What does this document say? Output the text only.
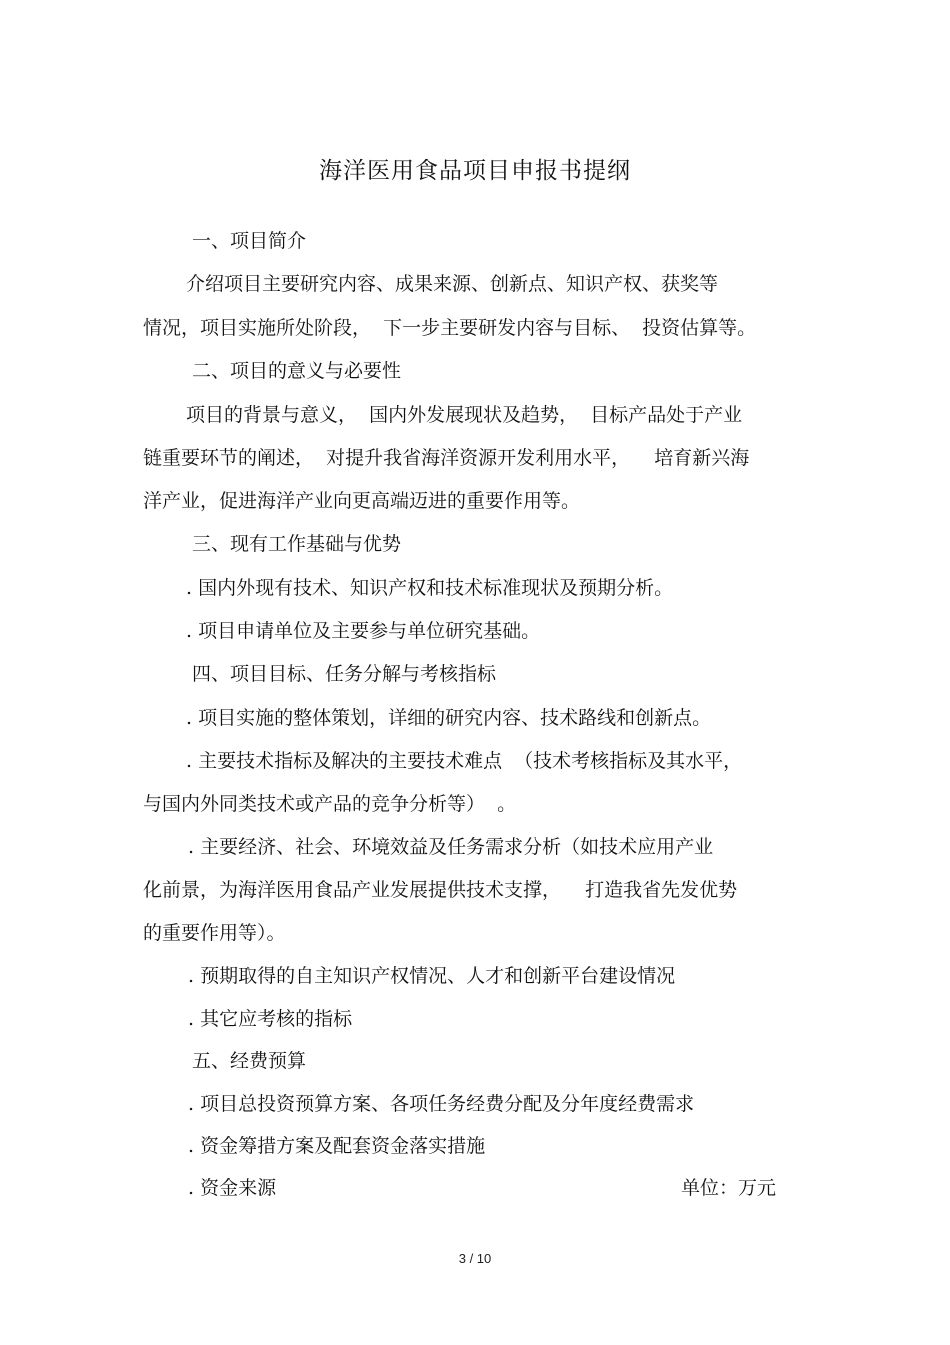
海洋医用食品项目申报书提纲
一、项目简介
介绍项目主要研究内容、成果来源、创新点、知识产权、获奖等
情况，项目实施所处阶段，  下一步主要研发内容与目标、  投资估算等。
二、项目的意义与必要性
项目的背景与意义，  国内外发展现状及趋势，  目标产品处于产业
链重要环节的阐述，  对提升我省海洋资源开发利用水平，    培育新兴海
洋产业，促进海洋产业向更高端迈进的重要作用等。
三、现有工作基础与优势
. 国内外现有技术、知识产权和技术标准现状及预期分析。
. 项目申请单位及主要参与单位研究基础。
四、项目目标、任务分解与考核指标
. 项目实施的整体策划，详细的研究内容、技术路线和创新点。
. 主要技术指标及解决的主要技术难点  （技术考核指标及其水平，
与国内外同类技术或产品的竞争分析等）  。
. 主要经济、社会、环境效益及任务需求分析（如技术应用产业
化前景，为海洋医用食品产业发展提供技术支撑，    打造我省先发优势
的重要作用等）。
. 预期取得的自主知识产权情况、人才和创新平台建设情况
. 其它应考核的指标
五、经费预算
. 项目总投资预算方案、各项任务经费分配及分年度经费需求
. 资金筹措方案及配套资金落实措施
. 资金来源	单位：万元
3 / 10
